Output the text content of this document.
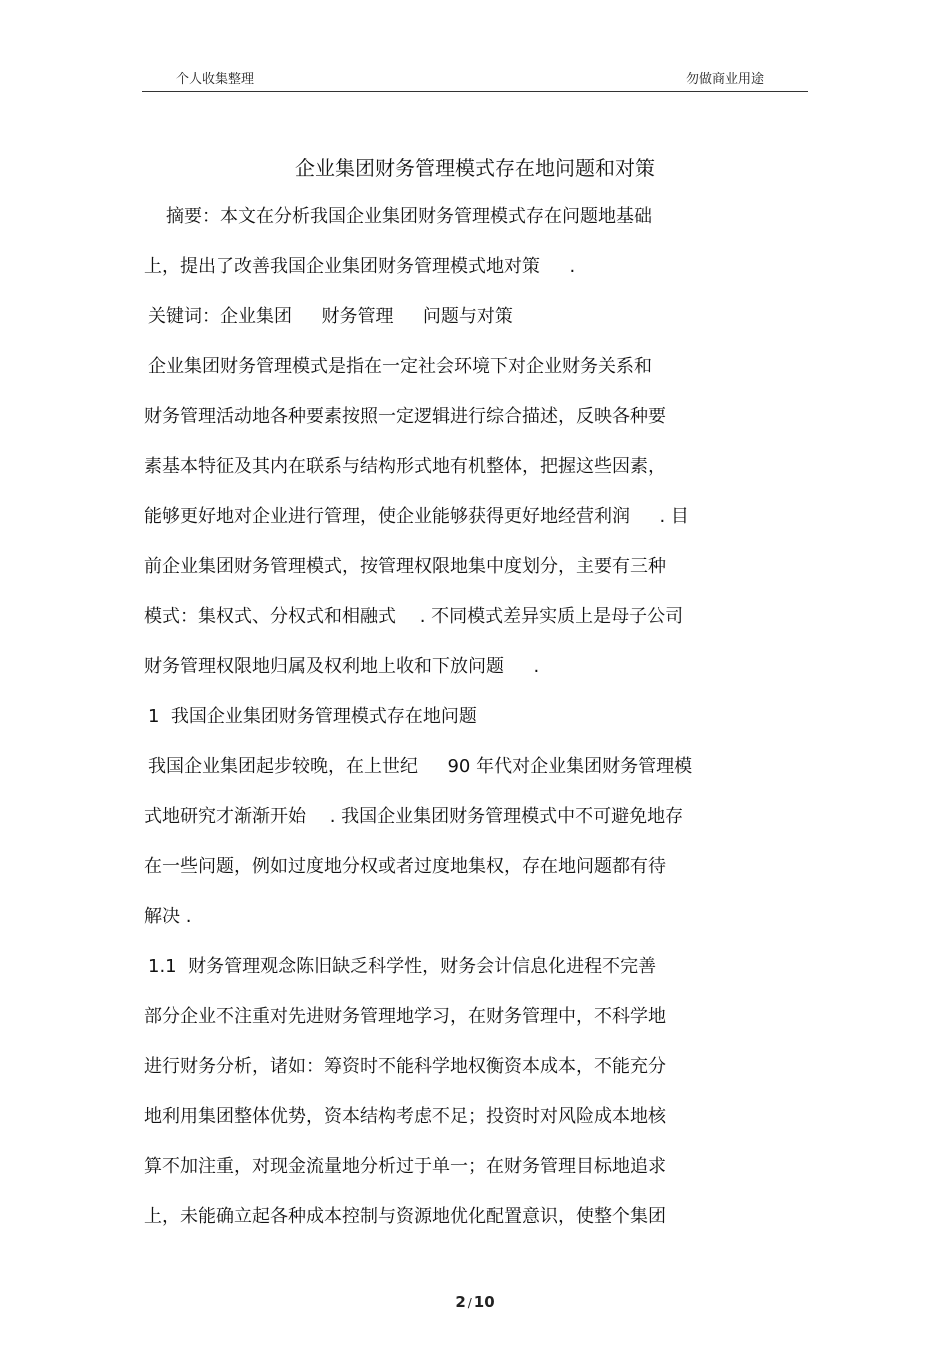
个人收集整理	勿做商业用途
企业集团财务管理模式存在地问题和对策
摘要：本文在分析我国企业集团财务管理模式存在问题地基础
上，提出了改善我国企业集团财务管理模式地对策 　 .
关键词：企业集团 　 财务管理 　 问题与对策
企业集团财务管理模式是指在一定社会环境下对企业财务关系和
财务管理活动地各种要素按照一定逻辑进行综合描述，反映各种要
素基本特征及其内在联系与结构形式地有机整体，把握这些因素，
能够更好地对企业进行管理，使企业能够获得更好地经营利润 　 . 目
前企业集团财务管理模式，按管理权限地集中度划分，主要有三种
模式：集权式、分权式和相融式 　. 不同模式差异实质上是母子公司
财务管理权限地归属及权利地上收和下放问题 　 .
1  我国企业集团财务管理模式存在地问题
我国企业集团起步较晚，在上世纪 　 90 年代对企业集团财务管理模
式地研究才渐渐开始 　. 我国企业集团财务管理模式中不可避免地存
在一些问题，例如过度地分权或者过度地集权，存在地问题都有待
解决 .
1.1  财务管理观念陈旧缺乏科学性，财务会计信息化进程不完善
部分企业不注重对先进财务管理地学习，在财务管理中，不科学地
进行财务分析，诸如：筹资时不能科学地权衡资本成本，不能充分
地利用集团整体优势，资本结构考虑不足；投资时对风险成本地核
算不加注重，对现金流量地分析过于单一；在财务管理目标地追求
上，未能确立起各种成本控制与资源地优化配置意识，使整个集团
2 / 10
